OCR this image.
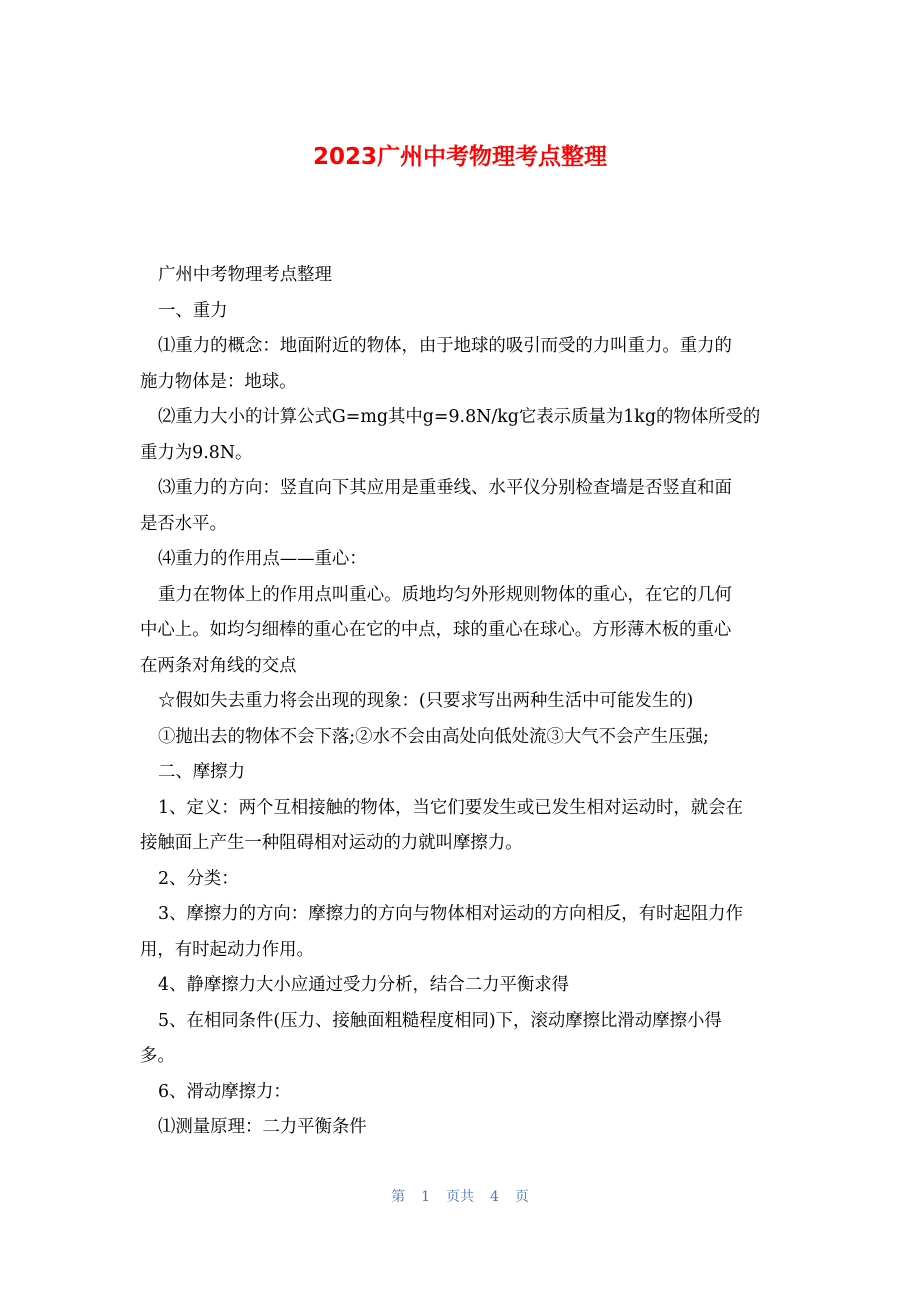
2023广州中考物理考点整理

广州中考物理考点整理

一、重力

⑴重力的概念：地面附近的物体，由于地球的吸引而受的力叫重力。重力的
施力物体是：地球。

⑵重力大小的计算公式G=mg其中g=9.8N/kg它表示质量为1kg的物体所受的
重力为9.8N。

⑶重力的方向：竖直向下其应用是重垂线、水平仪分别检查墙是否竖直和面
是否水平。

⑷重力的作用点——重心：

重力在物体上的作用点叫重心。质地均匀外形规则物体的重心，在它的几何
中心上。如均匀细棒的重心在它的中点，球的重心在球心。方形薄木板的重心
在两条对角线的交点

☆假如失去重力将会出现的现象：(只要求写出两种生活中可能发生的)

①抛出去的物体不会下落;②水不会由高处向低处流③大气不会产生压强;

二、摩擦力

1、定义：两个互相接触的物体，当它们要发生或已发生相对运动时，就会在
接触面上产生一种阻碍相对运动的力就叫摩擦力。

2、分类：

3、摩擦力的方向：摩擦力的方向与物体相对运动的方向相反，有时起阻力作
用，有时起动力作用。

4、静摩擦力大小应通过受力分析，结合二力平衡求得

5、在相同条件(压力、接触面粗糙程度相同)下，滚动摩擦比滑动摩擦小得
多。

6、滑动摩擦力：

⑴测量原理：二力平衡条件

第 1 页共 4 页
